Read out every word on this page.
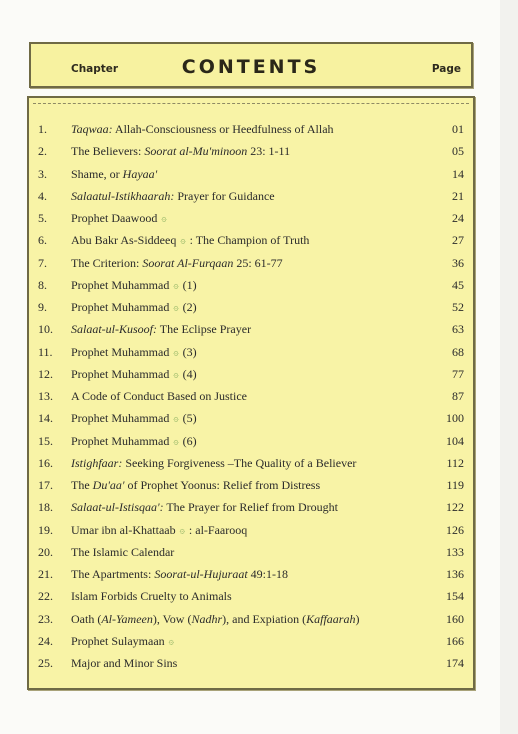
Chapter	CONTENTS	Page
1.	Taqwaa: Allah-Consciousness or Heedfulness of Allah	01
2.	The Believers: Soorat al-Mu'minoon 23: 1-11	05
3.	Shame, or Hayaa'	14
4.	Salaatul-Istikhaarah: Prayer for Guidance	21
5.	Prophet Daawood ۞	24
6.	Abu Bakr As-Siddeeq ۞ : The Champion of Truth	27
7.	The Criterion: Soorat Al-Furqaan 25: 61-77	36
8.	Prophet Muhammad ۞ (1)	45
9.	Prophet Muhammad ۞ (2)	52
10.	Salaat-ul-Kusoof: The Eclipse Prayer	63
11.	Prophet Muhammad ۞ (3)	68
12.	Prophet Muhammad ۞ (4)	77
13.	A Code of Conduct Based on Justice	87
14.	Prophet Muhammad ۞ (5)	100
15.	Prophet Muhammad ۞ (6)	104
16.	Istighfaar: Seeking Forgiveness –The Quality of a Believer	112
17.	The Du'aa' of Prophet Yoonus: Relief from Distress	119
18.	Salaat-ul-Istisqaa': The Prayer for Relief from Drought	122
19.	Umar ibn al-Khattaab ۞ : al-Faarooq	126
20.	The Islamic Calendar	133
21.	The Apartments: Soorat-ul-Hujuraat 49:1-18	136
22.	Islam Forbids Cruelty to Animals	154
23.	Oath (Al-Yameen), Vow (Nadhr), and Expiation (Kaffaarah)	160
24.	Prophet Sulaymaan ۞	166
25.	Major and Minor Sins	174
